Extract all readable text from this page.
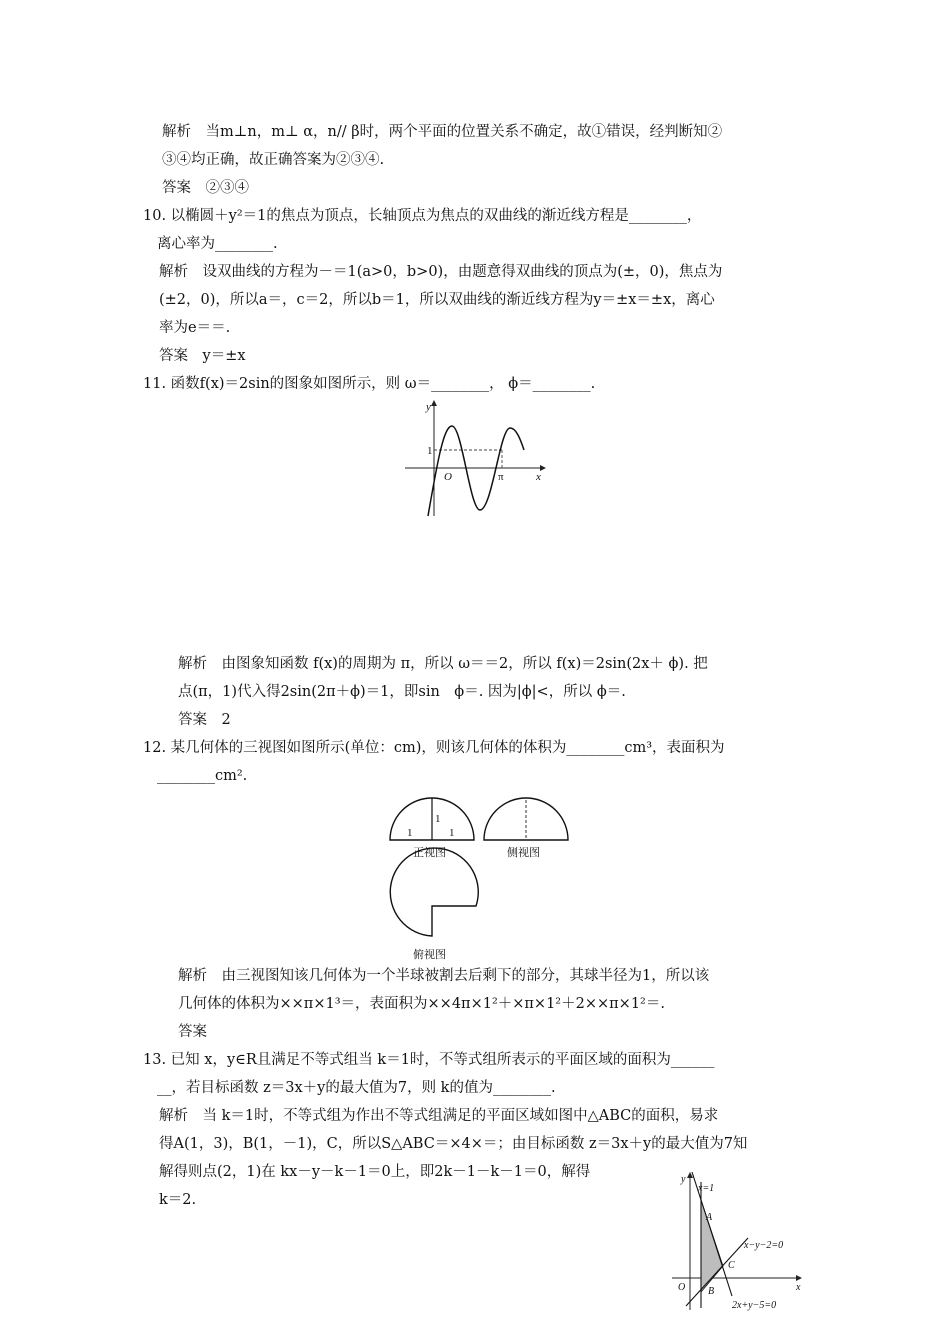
解析　当m⊥n，m⊥ α，n// β时，两个平面的位置关系不确定，故①错误，经判断知②
③④均正确，故正确答案为②③④.
答案　②③④
10. 以椭圆＋y²＝1的焦点为顶点，长轴顶点为焦点的双曲线的渐近线方程是________，
离心率为________.
解析　设双曲线的方程为－＝1(a>0，b>0)，由题意得双曲线的顶点为(±，0)，焦点为
(±2，0)，所以a＝，c＝2，所以b＝1，所以双曲线的渐近线方程为y＝±x＝±x，离心
率为e＝＝.
答案　y＝±x
11. 函数f(x)＝2sin的图象如图所示，则 ω＝________， ϕ＝________.
解析　由图象知函数 f(x)的周期为 π，所以 ω＝＝2，所以 f(x)＝2sin(2x＋ ϕ). 把
点(π，1)代入得2sin(2π＋ϕ)＝1，即sin　ϕ＝. 因为|ϕ|<，所以 ϕ＝.
答案　2
12. 某几何体的三视图如图所示(单位：cm)，则该几何体的体积为________cm³，表面积为
________cm².
解析　由三视图知该几何体为一个半球被割去后剩下的部分，其球半径为1，所以该
几何体的体积为××π×1³＝，表面积为××4π×1²＋×π×1²＋2××π×1²＝.
答案
13. 已知 x，y∈R且满足不等式组当 k＝1时，不等式组所表示的平面区域的面积为______
__，若目标函数 z＝3x＋y的最大值为7，则 k的值为________.
解析　当 k＝1时，不等式组为作出不等式组满足的平面区域如图中△ABC的面积，易求
得A(1，3)，B(1，－1)，C，所以S△ABC＝×4×＝；由目标函数 z＝3x＋y的最大值为7知
解得则点(2，1)在 kx－y－k－1＝0上，即2k－1－k－1＝0，解得
k＝2.
y
1
O	π	x
1
1	1
正视图	侧视图
俯视图
y
x=1
A
x−y−2=0
C
O	x
B
2x+y−5=0
